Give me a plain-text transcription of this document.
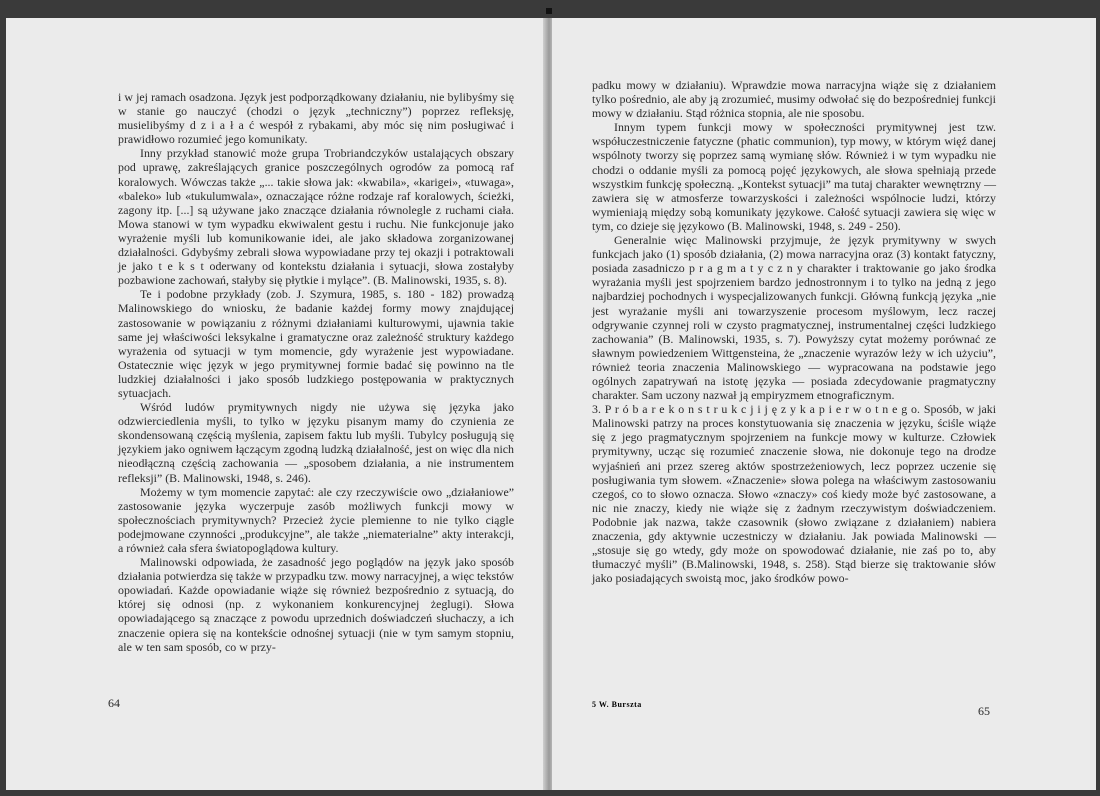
i w jej ramach osadzona. Język jest podporządkowany działaniu, nie bylibyśmy się w stanie go nauczyć (chodzi o język „techniczny”) poprzez refleksję, musielibyśmy d z i a ł a ć wespół z rybakami, aby móc się nim posługiwać i prawidłowo rozumieć jego komunikaty.

Inny przykład stanowić może grupa Trobriandczyków ustalających obszary pod uprawę, zakreślających granice poszczególnych ogrodów za pomocą raf koralowych. Wówczas także „... takie słowa jak: «kwabila», «karigei», «tuwaga», «baleko» lub «tukulumwala», oznaczające różne rodzaje raf koralowych, ścieżki, zagony itp. [...] są używane jako znaczące działania równolegle z ruchami ciała. Mowa stanowi w tym wypadku ekwiwalent gestu i ruchu. Nie funkcjonuje jako wyrażenie myśli lub komunikowanie idei, ale jako składowa zorganizowanej działalności. Gdybyśmy zebrali słowa wypowiadane przy tej okazji i potraktowali je jako t e k s t oderwany od kontekstu działania i sytuacji, słowa zostałyby pozbawione zachowań, stałyby się płytkie i mylące”. (B. Malinowski, 1935, s. 8).

Te i podobne przykłady (zob. J. Szymura, 1985, s. 180 - 182) prowadzą Malinowskiego do wniosku, że badanie każdej formy mowy znajdującej zastosowanie w powiązaniu z różnymi działaniami kulturowymi, ujawnia takie same jej właściwości leksykalne i gramatyczne oraz zależność struktury każdego wyrażenia od sytuacji w tym momencie, gdy wyrażenie jest wypowiadane. Ostatecznie więc język w jego prymitywnej formie badać się powinno na tle ludzkiej działalności i jako sposób ludzkiego postępowania w praktycznych sytuacjach.

Wśród ludów prymitywnych nigdy nie używa się języka jako odzwierciedlenia myśli, to tylko w języku pisanym mamy do czynienia ze skondensowaną częścią myślenia, zapisem faktu lub myśli. Tubylcy posługują się językiem jako ogniwem łączącym zgodną ludzką działalność, jest on więc dla nich nieodłączną częścią zachowania — „sposobem działania, a nie instrumentem refleksji” (B. Malinowski, 1948, s. 246).

Możemy w tym momencie zapytać: ale czy rzeczywiście owo „działaniowe” zastosowanie języka wyczerpuje zasób możliwych funkcji mowy w społecznościach prymitywnych? Przecież życie plemienne to nie tylko ciągle podejmowane czynności „produkcyjne”, ale także „niematerialne” akty interakcji, a również cała sfera światopoglądowa kultury.

Malinowski odpowiada, że zasadność jego poglądów na język jako sposób działania potwierdza się także w przypadku tzw. mowy narracyjnej, a więc tekstów opowiadań. Każde opowiadanie wiąże się również bezpośrednio z sytuacją, do której się odnosi (np. z wykonaniem konkurencyjnej żeglugi). Słowa opowiadającego są znaczące z powodu uprzednich doświadczeń słuchaczy, a ich znaczenie opiera się na kontekście odnośnej sytuacji (nie w tym samym stopniu, ale w ten sam sposób, co w przy-

padku mowy w działaniu). Wprawdzie mowa narracyjna wiąże się z działaniem tylko pośrednio, ale aby ją zrozumieć, musimy odwołać się do bezpośredniej funkcji mowy w działaniu. Stąd różnica stopnia, ale nie sposobu.

Innym typem funkcji mowy w społeczności prymitywnej jest tzw. współuczestniczenie fatyczne (phatic communion), typ mowy, w którym więź danej wspólnoty tworzy się poprzez samą wymianę słów. Również i w tym wypadku nie chodzi o oddanie myśli za pomocą pojęć językowych, ale słowa spełniają przede wszystkim funkcję społeczną. „Kontekst sytuacji” ma tutaj charakter wewnętrzny — zawiera się w atmosferze towarzyskości i zależności wspólnocie ludzi, którzy wymieniają między sobą komunikaty językowe. Całość sytuacji zawiera się więc w tym, co dzieje się językowo (B. Malinowski, 1948, s. 249 - 250).

Generalnie więc Malinowski przyjmuje, że język prymitywny w swych funkcjach jako (1) sposób działania, (2) mowa narracyjna oraz (3) kontakt fatyczny, posiada zasadniczo p r a g m a t y c z n y charakter i traktowanie go jako środka wyrażania myśli jest spojrzeniem bardzo jednostronnym i to tylko na jedną z jego najbardziej pochodnych i wyspecjalizowanych funkcji. Główną funkcją języka „nie jest wyrażanie myśli ani towarzyszenie procesom myślowym, lecz raczej odgrywanie czynnej roli w czysto pragmatycznej, instrumentalnej części ludzkiego zachowania” (B. Malinowski, 1935, s. 7). Powyższy cytat możemy porównać ze sławnym powiedzeniem Wittgensteina, że „znaczenie wyrazów leży w ich użyciu”, również teoria znaczenia Malinowskiego — wypracowana na podstawie jego ogólnych zapatrywań na istotę języka — posiada zdecydowanie pragmatyczny charakter. Sam uczony nazwał ją empiryzmem etnograficznym.

3. P r ó b a r e k o n s t r u k c j i j ę z y k a p i e r w o t n e g o. Sposób, w jaki Malinowski patrzy na proces konstytuowania się znaczenia w języku, ściśle wiąże się z jego pragmatycznym spojrzeniem na funkcje mowy w kulturze. Człowiek prymitywny, ucząc się rozumieć znaczenie słowa, nie dokonuje tego na drodze wyjaśnień ani przez szereg aktów spostrzeżeniowych, lecz poprzez uczenie się posługiwania tym słowem. «Znaczenie» słowa polega na właściwym zastosowaniu czegoś, co to słowo oznacza. Słowo «znaczy» coś kiedy może być zastosowane, a nic nie znaczy, kiedy nie wiąże się z żadnym rzeczywistym doświadczeniem. Podobnie jak nazwa, także czasownik (słowo związane z działaniem) nabiera znaczenia, gdy aktywnie uczestniczy w działaniu. Jak powiada Malinowski — „stosuje się go wtedy, gdy może on spowodować działanie, nie zaś po to, aby tłumaczyć myśli” (B.Malinowski, 1948, s. 258). Stąd bierze się traktowanie słów jako posiadających swoistą moc, jako środków powo-

64	5 W. Bursztа	65
